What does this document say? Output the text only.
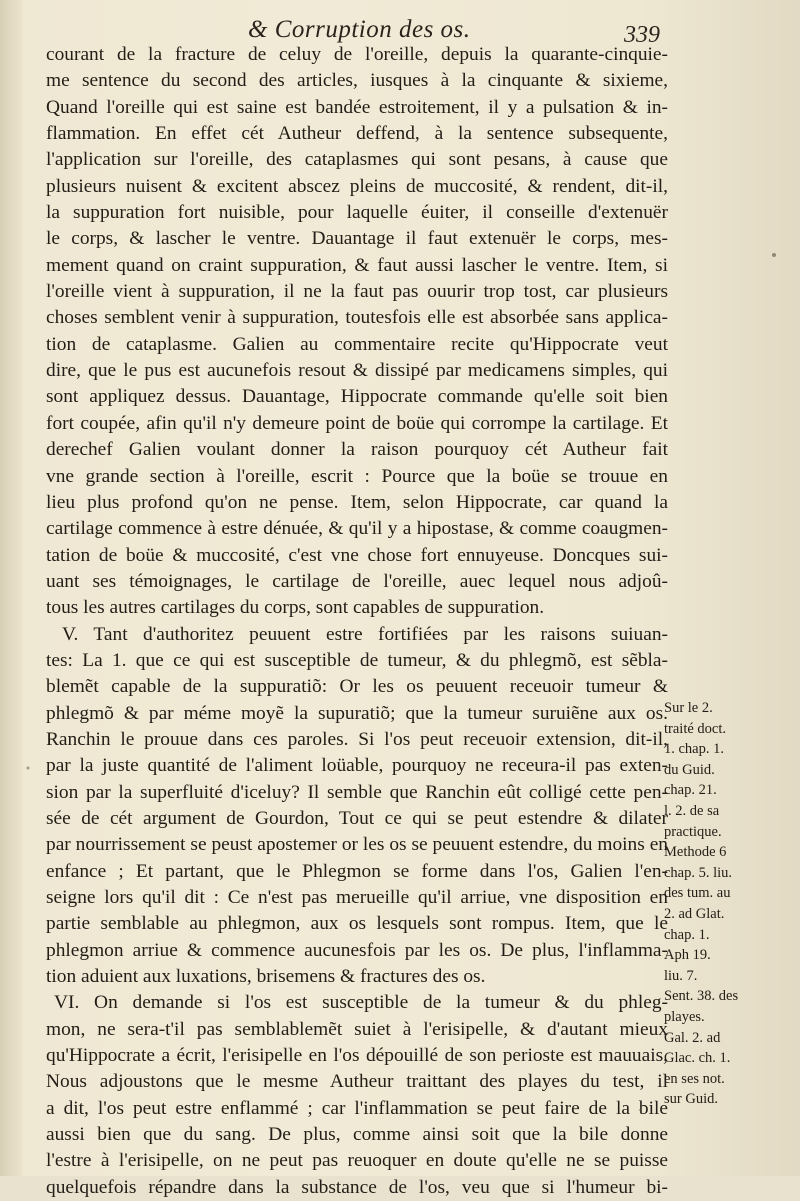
& Corruption des os.	339
courant de la fracture de celuy de l'oreille, depuis la quarante-cinquie-
me sentence du second des articles, iusques à la cinquante & sixieme,
Quand l'oreille qui est saine est bandée estroitement, il y a pulsation & in-
flammation. En effet cét Autheur deffend, à la sentence subsequente,
l'application sur l'oreille, des cataplasmes qui sont pesans, à cause que
plusieurs nuisent & excitent abscez pleins de muccosité, & rendent, dit-il,
la suppuration fort nuisible, pour laquelle éuiter, il conseille d'extenuër
le corps, & lascher le ventre. Dauantage il faut extenuër le corps, mes-
mement quand on craint suppuration, & faut aussi lascher le ventre. Item, si
l'oreille vient à suppuration, il ne la faut pas ouurir trop tost, car plusieurs
choses semblent venir à suppuration, toutesfois elle est absorbée sans applica-
tion de cataplasme. Galien au commentaire recite qu'Hippocrate veut
dire, que le pus est aucunefois resout & dissipé par medicamens simples, qui
sont appliquez dessus. Dauantage, Hippocrate commande qu'elle soit bien
fort coupée, afin qu'il n'y demeure point de boüe qui corrompe la cartilage. Et
derechef Galien voulant donner la raison pourquoy cét Autheur fait
vne grande section à l'oreille, escrit : Pource que la boüe se trouue en
lieu plus profond qu'on ne pense. Item, selon Hippocrate, car quand la
cartilage commence à estre dénuée, & qu'il y a hipostase, & comme coaugmen-
tation de boüe & muccosité, c'est vne chose fort ennuyeuse. Doncques sui-
uant ses témoignages, le cartilage de l'oreille, auec lequel nous adjoû-
tous les autres cartilages du corps, sont capables de suppuration.
V. Tant d'authoritez peuuent estre fortifiées par les raisons suiuan-
tes: La 1. que ce qui est susceptible de tumeur, & du phlegmõ, est sẽbla-
blemẽt capable de la suppuratiõ: Or les os peuuent receuoir tumeur &
phlegmõ & par méme moyẽ la supuratiõ; que la tumeur suruiẽne aux os.
Ranchin le prouue dans ces paroles. Si l'os peut receuoir extension, dit-il,
par la juste quantité de l'aliment loüable, pourquoy ne receura-il pas exten-
sion par la superfluité d'iceluy? Il semble que Ranchin eût colligé cette pen-
sée de cét argument de Gourdon, Tout ce qui se peut estendre & dilater
par nourrissement se peust apostemer or les os se peuuent estendre, du moins en
enfance ; Et partant, que le Phlegmon se forme dans l'os, Galien l'en-
seigne lors qu'il dit : Ce n'est pas merueille qu'il arriue, vne disposition en
partie semblable au phlegmon, aux os lesquels sont rompus. Item, que le
phlegmon arriue & commence aucunesfois par les os. De plus, l'inflamma-
tion aduient aux luxations, brisemens & fractures des os.
VI. On demande si l'os est susceptible de la tumeur & du phleg-
mon, ne sera-t'il pas semblablemẽt suiet à l'erisipelle, & d'autant mieux
qu'Hippocrate a écrit, l'erisipelle en l'os dépouillé de son perioste est mauuais,
Nous adjoustons que le mesme Autheur traittant des playes du test, il
a dit, l'os peut estre enflammé ; car l'inflammation se peut faire de la bile
aussi bien que du sang. De plus, comme ainsi soit que la bile donne
l'estre à l'erisipelle, on ne peut pas reuoquer en doute qu'elle ne se puisse
quelquefois répandre dans la substance de l'os, veu que si l'humeur bi-
Sur le 2.
traité doct.
1. chap. 1.
du Guid.
chap. 21.
l. 2. de sa
practique.
Methode 6
chap. 5. liu.
des tum. au
2. ad Glat.
chap. 1.
Aph 19.
liu. 7.
Sent. 38. des
playes.
Gal. 2. ad
Glac. ch. 1.
en ses not.
sur Guid.
